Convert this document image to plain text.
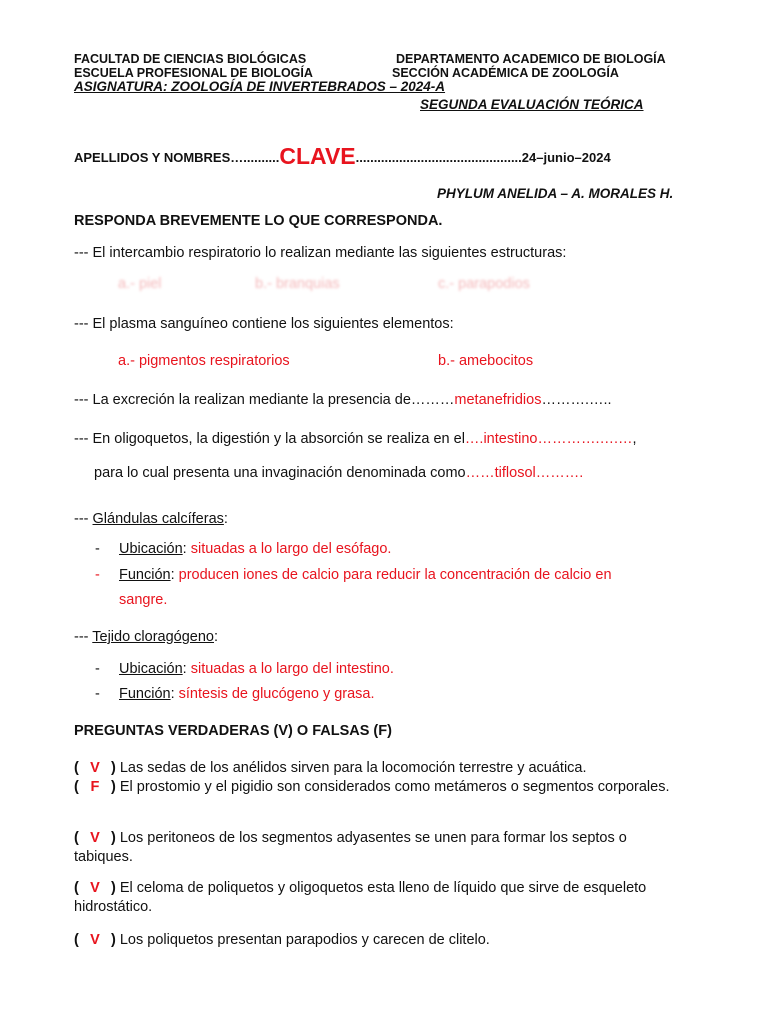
FACULTAD DE CIENCIAS BIOLÓGICAS	DEPARTAMENTO ACADEMICO DE BIOLOGÍA
ESCUELA PROFESIONAL DE BIOLOGÍA	SECCIÓN ACADÉMICA DE ZOOLOGÍA
ASIGNATURA: ZOOLOGÍA DE INVERTEBRADOS – 2024-A
SEGUNDA EVALUACIÓN TEÓRICA
APELLIDOS Y NOMBRES…..........CLAVE..............................................24–junio–2024
PHYLUM ANELIDA – A. MORALES H.
RESPONDA BREVEMENTE LO QUE CORRESPONDA.
--- El intercambio respiratorio lo realizan mediante las siguientes estructuras:
a.- piel	b.- branquias	c.- parapodios
--- El plasma sanguíneo contiene los siguientes elementos:
a.- pigmentos respiratorios	b.- amebocitos
--- La excreción la realizan mediante la presencia de………metanefridios……….…..
--- En oligoquetos, la digestión y la absorción se realiza en el….intestino………….….…,
para lo cual presenta una invaginación denominada como……tiflosol……….
--- Glándulas calcíferas:
- Ubicación: situadas a lo largo del esófago.
- Función: producen iones de calcio para reducir la concentración de calcio en
sangre.
--- Tejido cloragógeno:
- Ubicación: situadas a lo largo del intestino.
- Función: síntesis de glucógeno y grasa.
PREGUNTAS VERDADERAS (V) O FALSAS (F)
( V ) Las sedas de los anélidos sirven para la locomoción terrestre y acuática.
( F ) El prostomio y el pigidio son considerados como metámeros o segmentos corporales.
( V ) Los peritoneos de los segmentos adyasentes se unen para formar los septos o tabiques.
( V ) El celoma de poliquetos y oligoquetos esta lleno de líquido que sirve de esqueleto hidrostático.
( V ) Los poliquetos presentan parapodios y carecen de clitelo.
